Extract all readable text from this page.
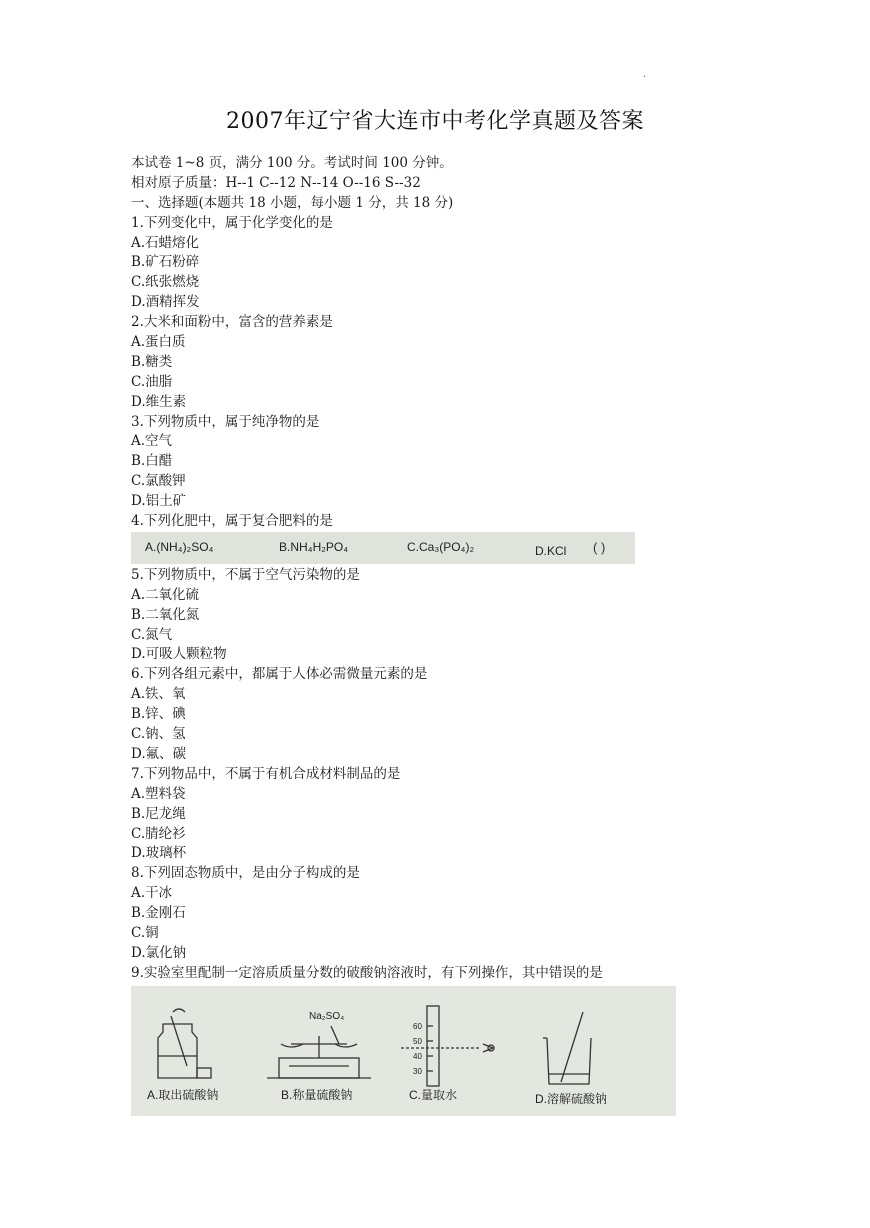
·
2007年辽宁省大连市中考化学真题及答案
本试卷 1~8 页，满分 100 分。考试时间 100 分钟。
相对原子质量：H--1 C--12 N--14 O--16 S--32
一、选择题(本题共 18 小题，每小题 1 分，共 18 分)
1.下列变化中，属于化学变化的是
A.石蜡熔化
B.矿石粉碎
C.纸张燃烧
D.酒精挥发
2.大米和面粉中，富含的营养素是
A.蛋白质
B.糖类
C.油脂
D.维生素
3.下列物质中，属于纯净物的是
A.空气
B.白醋
C.氯酸钾
D.铝土矿
4.下列化肥中，属于复合肥料的是
A.(NH₄)₂SO₄	B.NH₄H₂PO₄	C.Ca₃(PO₄)₂	D.KCl ( )
5.下列物质中，不属于空气污染物的是
A.二氧化硫
B.二氧化氮
C.氮气
D.可吸人颗粒物
6.下列各组元素中，都属于人体必需微量元素的是
A.铁、氧
B.锌、碘
C.钠、氢
D.氟、碳
7.下列物品中，不属于有机合成材料制品的是
A.塑料袋
B.尼龙绳
C.腈纶衫
D.玻璃杯
8.下列固态物质中，是由分子构成的是
A.干冰
B.金刚石
C.铜
D.氯化钠
9.实验室里配制一定溶质质量分数的破酸钠溶液时，有下列操作，其中错误的是
Na₂SO₄
60
50
40
30
A.取出硫酸钠	B.称量硫酸钠	C.量取水	D.溶解硫酸钠
